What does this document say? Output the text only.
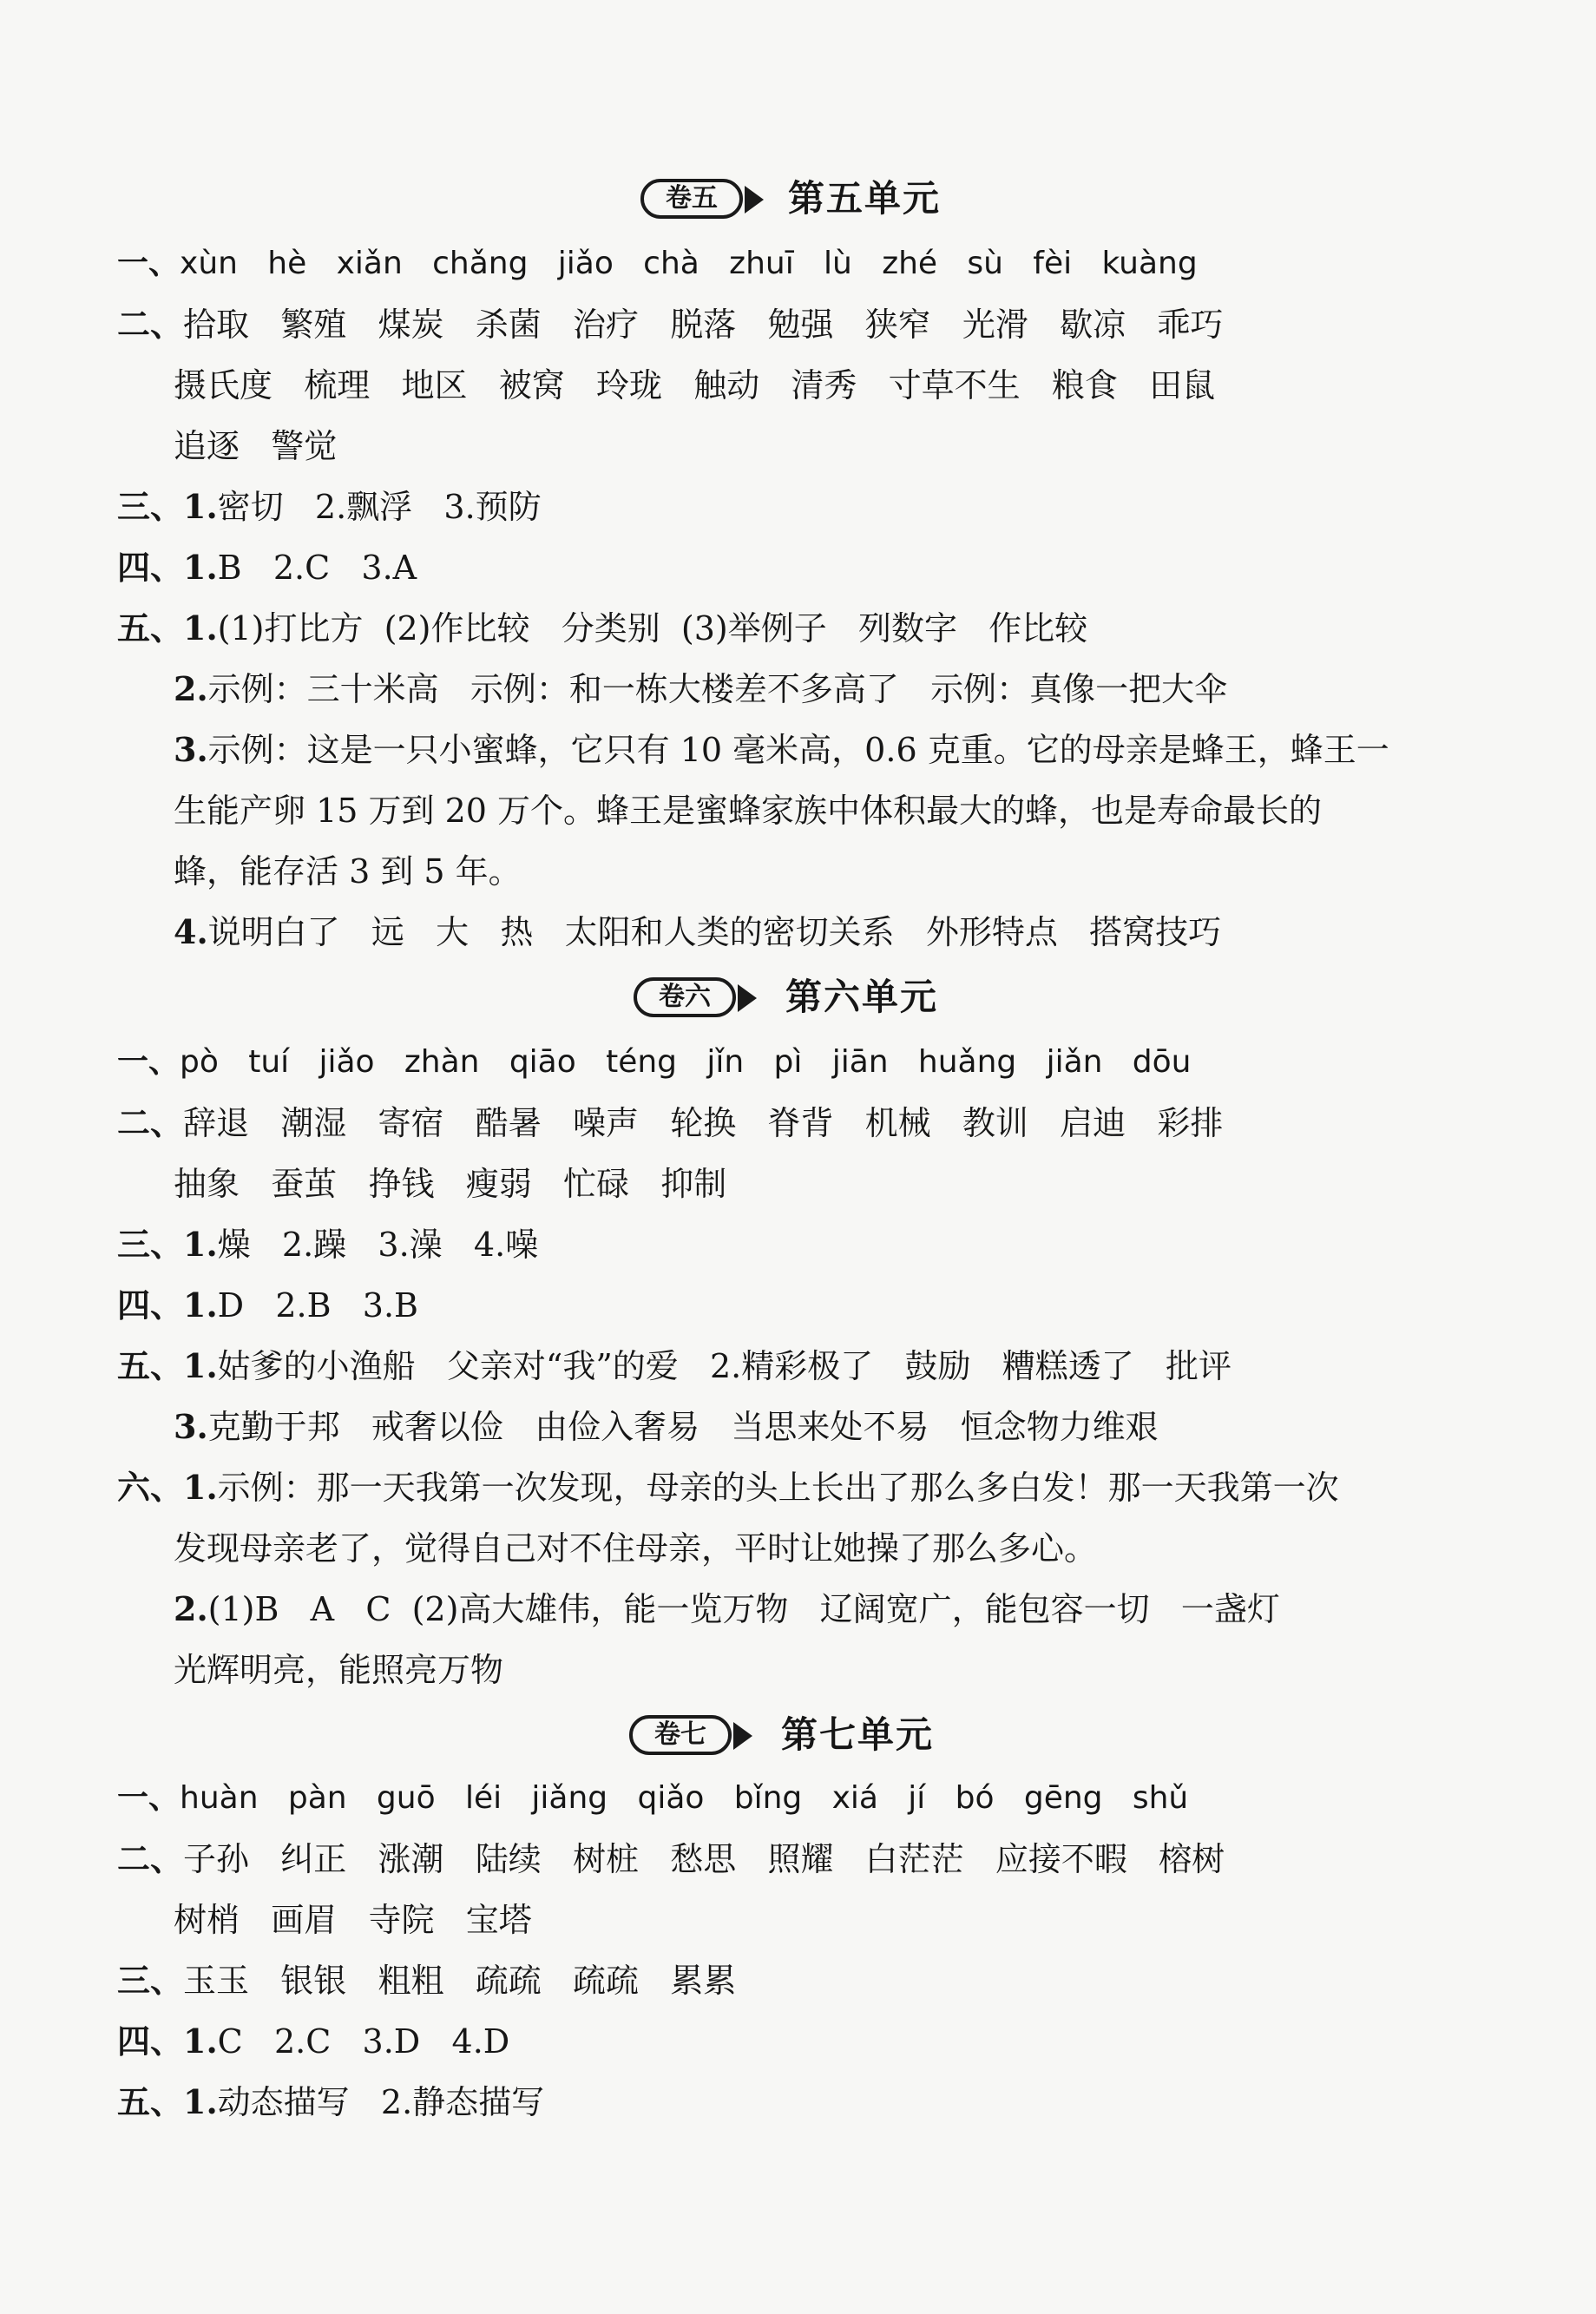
卷五	第五单元
一、xùn   hè   xiǎn   chǎng   jiǎo   chà   zhuī   lù   zhé   sù   fèi   kuàng
二、拾取   繁殖   煤炭   杀菌   治疗   脱落   勉强   狭窄   光滑   歇凉   乖巧
摄氏度   梳理   地区   被窝   玲珑   触动   清秀   寸草不生   粮食   田鼠
追逐   警觉
三、1.密切   2.飘浮   3.预防
四、1.B   2.C   3.A
五、1.(1)打比方  (2)作比较   分类别  (3)举例子   列数字   作比较
2.示例：三十米高   示例：和一栋大楼差不多高了   示例：真像一把大伞
3.示例：这是一只小蜜蜂，它只有 10 毫米高，0.6 克重。它的母亲是蜂王，蜂王一
生能产卵 15 万到 20 万个。蜂王是蜜蜂家族中体积最大的蜂，也是寿命最长的
蜂，能存活 3 到 5 年。
4.说明白了   远   大   热   太阳和人类的密切关系   外形特点   搭窝技巧
卷六	第六单元
一、pò   tuí   jiǎo   zhàn   qiāo   téng   jǐn   pì   jiān   huǎng   jiǎn   dōu
二、辞退   潮湿   寄宿   酷暑   噪声   轮换   脊背   机械   教训   启迪   彩排
抽象   蚕茧   挣钱   瘦弱   忙碌   抑制
三、1.燥   2.躁   3.澡   4.噪
四、1.D   2.B   3.B
五、1.姑爹的小渔船   父亲对“我”的爱   2.精彩极了   鼓励   糟糕透了   批评
3.克勤于邦   戒奢以俭   由俭入奢易   当思来处不易   恒念物力维艰
六、1.示例：那一天我第一次发现，母亲的头上长出了那么多白发！那一天我第一次
发现母亲老了，觉得自己对不住母亲，平时让她操了那么多心。
2.(1)B   A   C  (2)高大雄伟，能一览万物   辽阔宽广，能包容一切   一盏灯
光辉明亮，能照亮万物
卷七	第七单元
一、huàn   pàn   guō   léi   jiǎng   qiǎo   bǐng   xiá   jí   bó   gēng   shǔ
二、子孙   纠正   涨潮   陆续   树桩   愁思   照耀   白茫茫   应接不暇   榕树
树梢   画眉   寺院   宝塔
三、玉玉   银银   粗粗   疏疏   疏疏   累累
四、1.C   2.C   3.D   4.D
五、1.动态描写   2.静态描写
